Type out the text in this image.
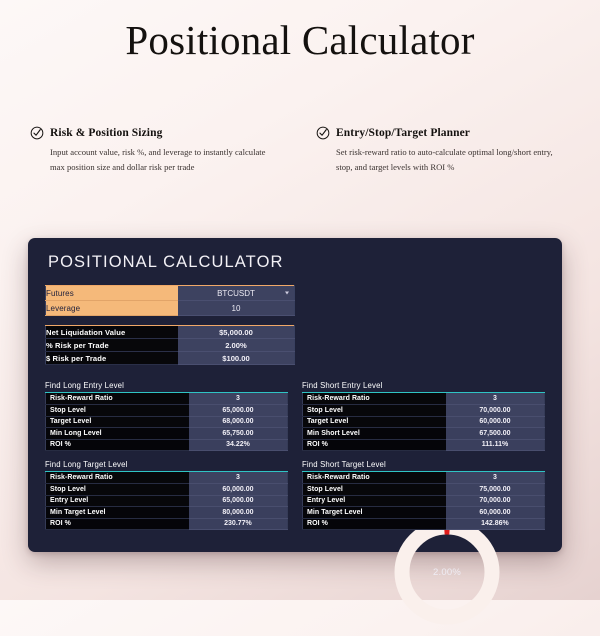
Positional Calculator
Risk & Position Sizing
Input account value, risk %, and leverage to instantly calculate max position size and dollar risk per trade
Entry/Stop/Target Planner
Set risk-reward ratio to auto-calculate optimal long/short entry, stop, and target levels with ROI %
POSITIONAL CALCULATOR
Futures	BTCUSDT

Leverage	10
Net Liquidation Value	$5,000.00
% Risk per Trade	2.00%
$ Risk per Trade	$100.00
2.00%
Find Long Entry Level
Risk-Reward Ratio	3
Stop Level	65,000.00
Target Level	68,000.00
Min Long Level	65,750.00
ROI %	34.22%
Find Short Entry Level
Risk-Reward Ratio	3
Stop Level	70,000.00
Target Level	60,000.00
Min Short Level	67,500.00
ROI %	111.11%
Find Long Target Level
Risk-Reward Ratio	3
Stop Level	60,000.00
Entry Level	65,000.00
Min Target Level	80,000.00
ROI %	230.77%
Find Short Target Level
Risk-Reward Ratio	3
Stop Level	75,000.00
Entry Level	70,000.00
Min Target Level	60,000.00
ROI %	142.86%
